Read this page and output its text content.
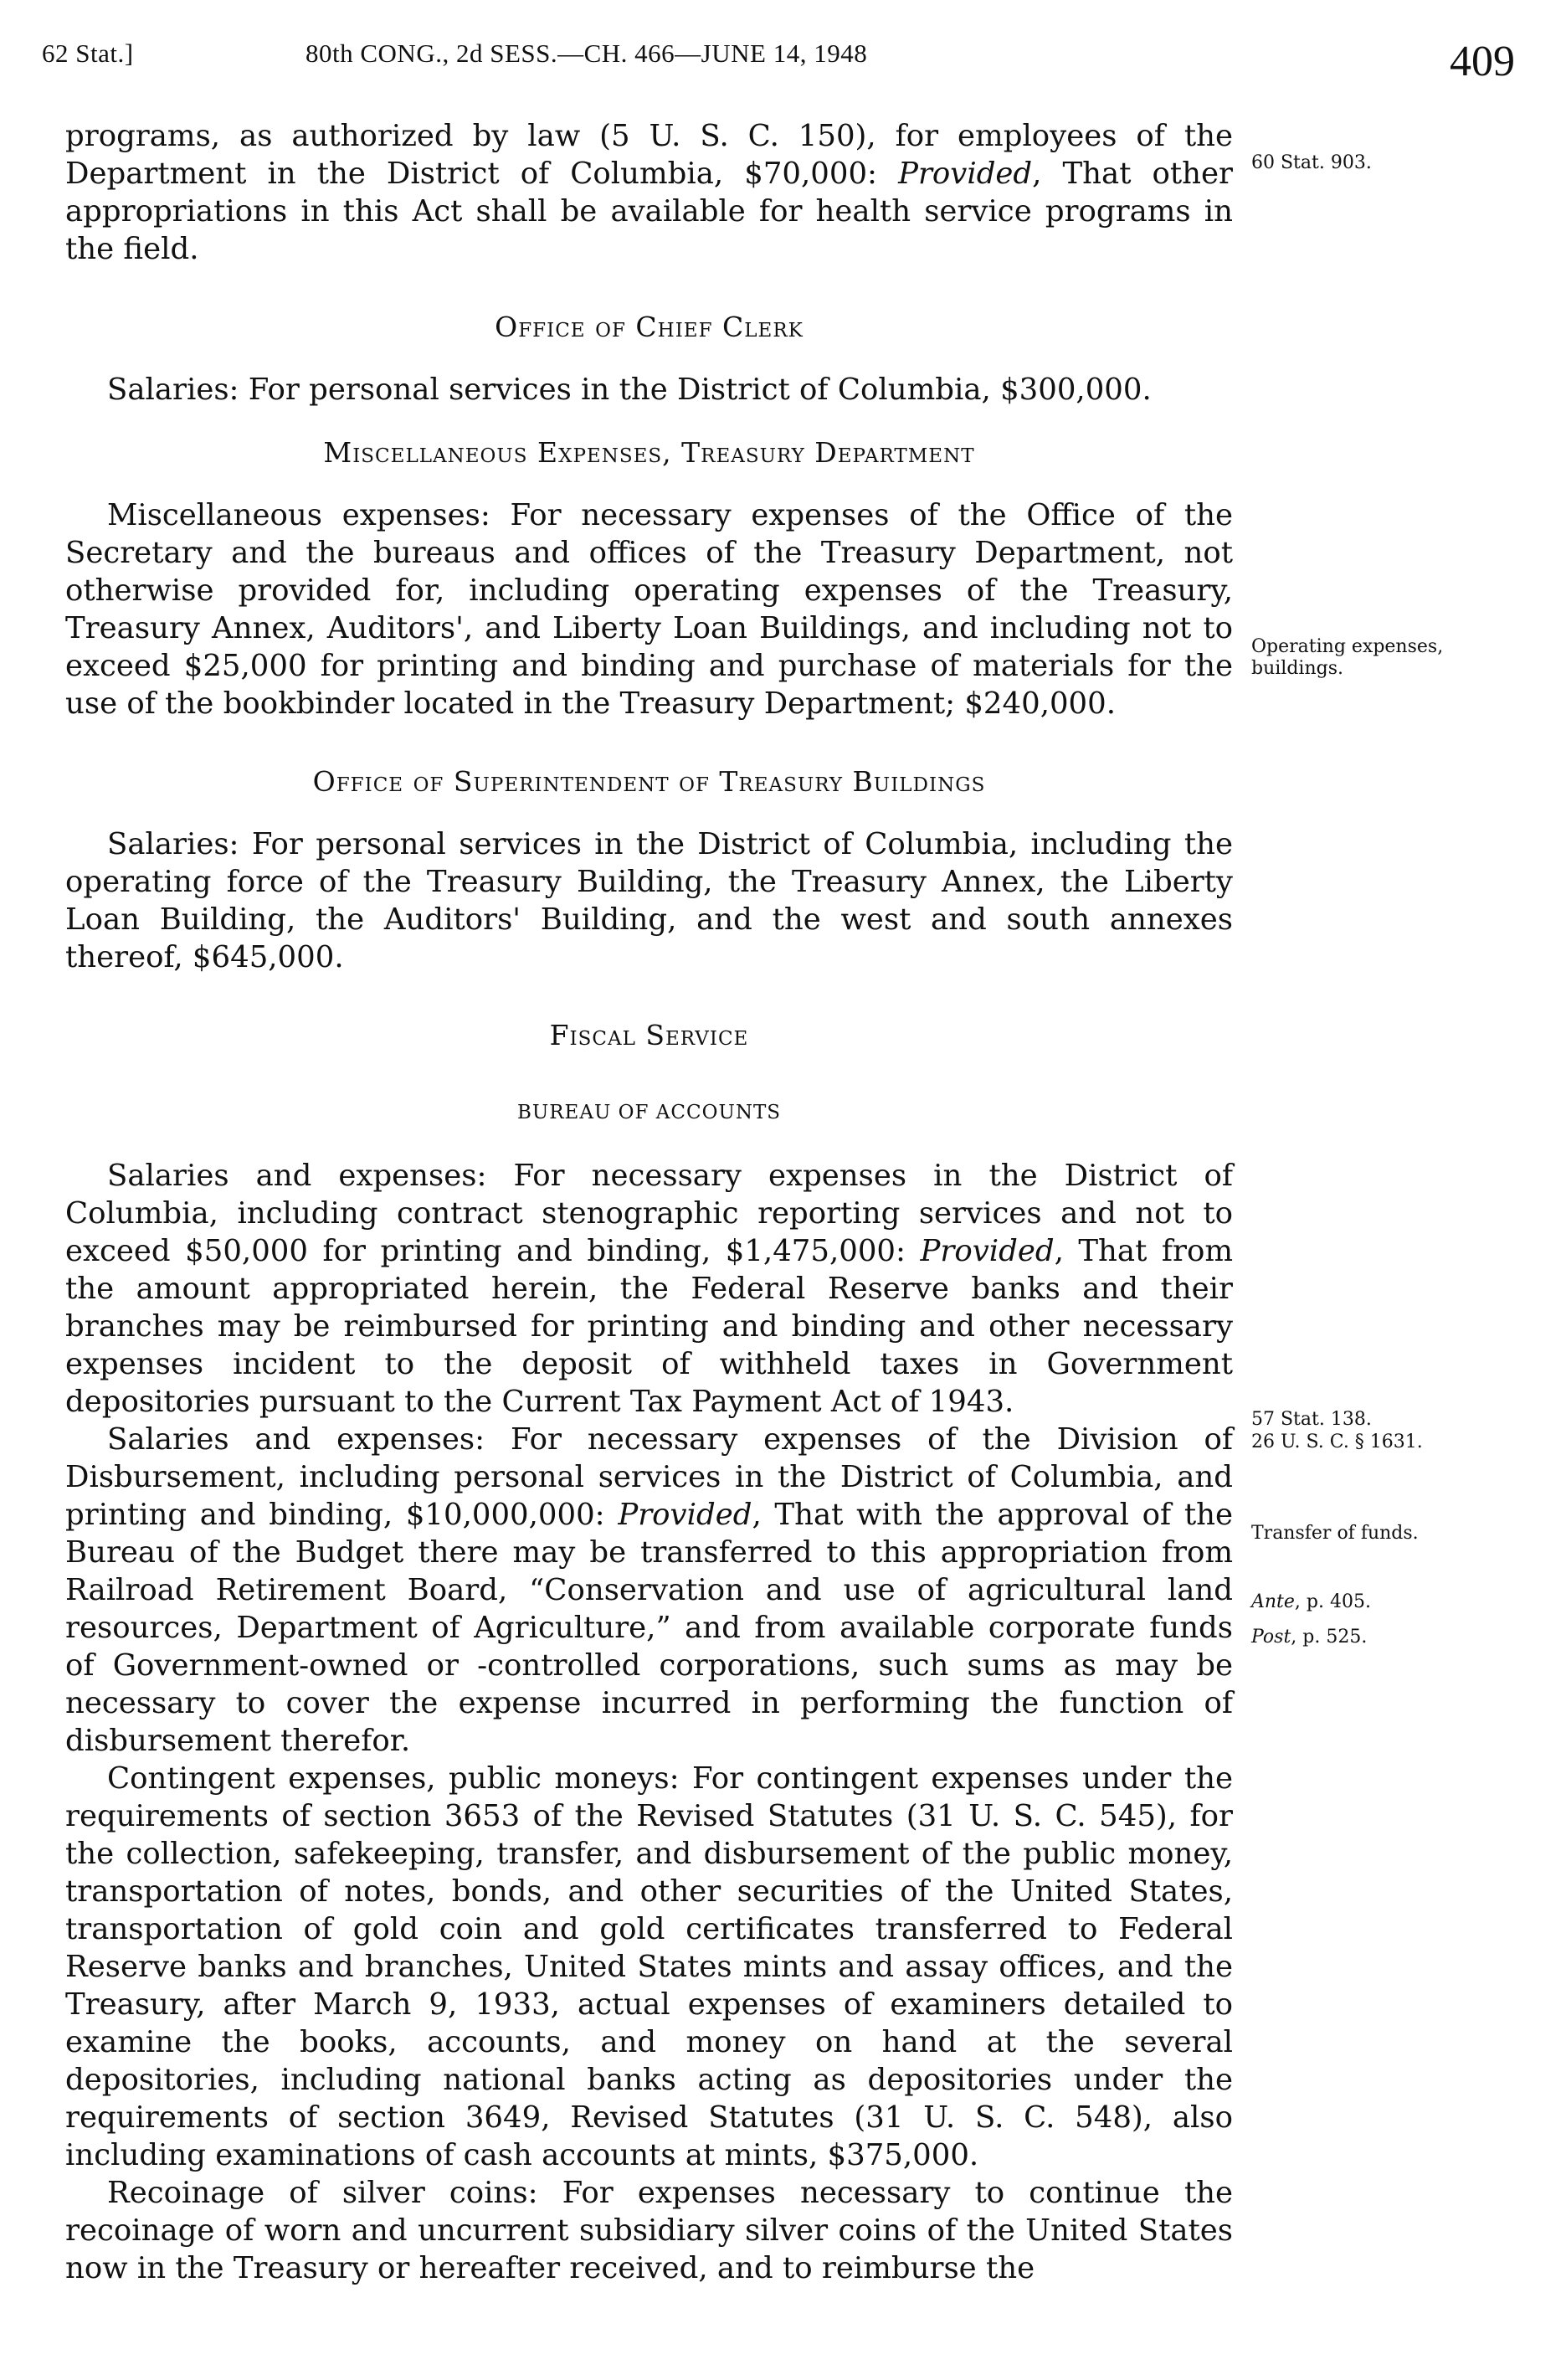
62 Stat.]	80th CONG., 2d SESS.—CH. 466—JUNE 14, 1948	409

programs, as authorized by law (5 U. S. C. 150), for employees of the Department in the District of Columbia, $70,000: Provided, That other appropriations in this Act shall be available for health service programs in the field.

Office of Chief Clerk

Salaries: For personal services in the District of Columbia, $300,000.

Miscellaneous Expenses, Treasury Department

Miscellaneous expenses: For necessary expenses of the Office of the Secretary and the bureaus and offices of the Treasury Department, not otherwise provided for, including operating expenses of the Treasury, Treasury Annex, Auditors', and Liberty Loan Buildings, and including not to exceed $25,000 for printing and binding and purchase of materials for the use of the bookbinder located in the Treasury Department; $240,000.

Office of Superintendent of Treasury Buildings

Salaries: For personal services in the District of Columbia, including the operating force of the Treasury Building, the Treasury Annex, the Liberty Loan Building, the Auditors' Building, and the west and south annexes thereof, $645,000.

Fiscal Service
BUREAU OF ACCOUNTS

Salaries and expenses: For necessary expenses in the District of Columbia, including contract stenographic reporting services and not to exceed $50,000 for printing and binding, $1,475,000: Provided, That from the amount appropriated herein, the Federal Reserve banks and their branches may be reimbursed for printing and binding and other necessary expenses incident to the deposit of withheld taxes in Government depositories pursuant to the Current Tax Payment Act of 1943.

Salaries and expenses: For necessary expenses of the Division of Disbursement, including personal services in the District of Columbia, and printing and binding, $10,000,000: Provided, That with the approval of the Bureau of the Budget there may be transferred to this appropriation from Railroad Retirement Board, “Conservation and use of agricultural land resources, Department of Agriculture,” and from available corporate funds of Government-owned or -controlled corporations, such sums as may be necessary to cover the expense incurred in performing the function of disbursement therefor.

Contingent expenses, public moneys: For contingent expenses under the requirements of section 3653 of the Revised Statutes (31 U. S. C. 545), for the collection, safekeeping, transfer, and disbursement of the public money, transportation of notes, bonds, and other securities of the United States, transportation of gold coin and gold certificates transferred to Federal Reserve banks and branches, United States mints and assay offices, and the Treasury, after March 9, 1933, actual expenses of examiners detailed to examine the books, accounts, and money on hand at the several depositories, including national banks acting as depositories under the requirements of section 3649, Revised Statutes (31 U. S. C. 548), also including examinations of cash accounts at mints, $375,000.

Recoinage of silver coins: For expenses necessary to continue the recoinage of worn and uncurrent subsidiary silver coins of the United States now in the Treasury or hereafter received, and to reimburse the

60 Stat. 903.
Operating expenses, buildings.
57 Stat. 138.
26 U. S. C. § 1631.
Transfer of funds.
Ante, p. 405.
Post, p. 525.
